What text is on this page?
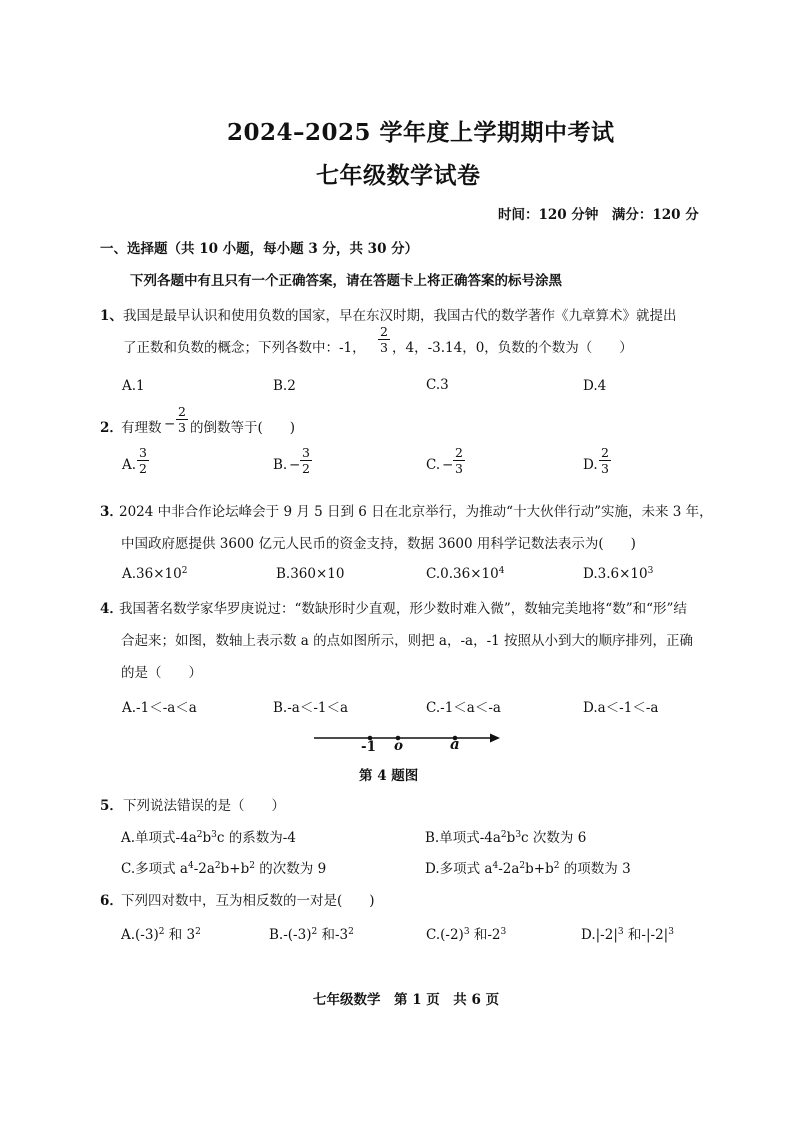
2024–2025 学年度上学期期中考试
七年级数学试卷
时间：120 分钟　满分：120 分
一、选择题（共 10 小题，每小题 3 分，共 30 分）
下列各题中有且只有一个正确答案，请在答题卡上将正确答案的标号涂黑
1、 我国是最早认识和使用负数的国家，早在东汉时期，我国古代的数学著作《九章算术》就提出
了正数和负数的概念；下列各数中：-1，
2
3 ，4，-3.14，0，负数的个数为（　　）
A.1	B.2	C.3	D.4
2．
有理数 −
2
3 的倒数等于(　　)
A.
3
2	B. −
3
2	C. −
2
3	D.
2
3
3．
2024 中非合作论坛峰会于 9 月 5 日到 6 日在北京举行，为推动“十大伙伴行动”实施，未来 3 年，
中国政府愿提供 3600 亿元人民币的资金支持，数据 3600 用科学记数法表示为(　　)
$A.36\times 10^2$	B.360×10	$C.0.36\times 10^4$	$D.3.6\times 10^3$
4．
我国著名数学家华罗庚说过：“数缺形时少直观，形少数时难入微”，数轴完美地将“数”和“形”结
合起来；如图，数轴上表示数 a 的点如图所示，则把 a，-a，-1 按照从小到大的顺序排列，正确
的是（　　）
A.-1＜-a＜a	B.-a＜-1＜a	C.-1＜a＜-a	D.a＜-1＜-a
-1 o	a
第 4 题图
5． 下列说法错误的是（　　）
A.单项式$-4a^2b^3c$ 的系数为-4	B.单项式$-4a^2b^3c$ 次数为 6
C.多项式 $a^4-2a^2b+b^2$ 的次数为 9	D.多项式 $a^4-2a^2b+b^2$ 的项数为 3
6．
下列四对数中，互为相反数的一对是(　　)
$A.(-3)^2$ 和 $3^2$	$B.-(-3)^2$ 和$-3^2$	$C.(-2)^3$ 和$-2^3$	$D.|-2|^3$ 和$-|-2|^3$
七年级数学　第 1 页　共 6 页
